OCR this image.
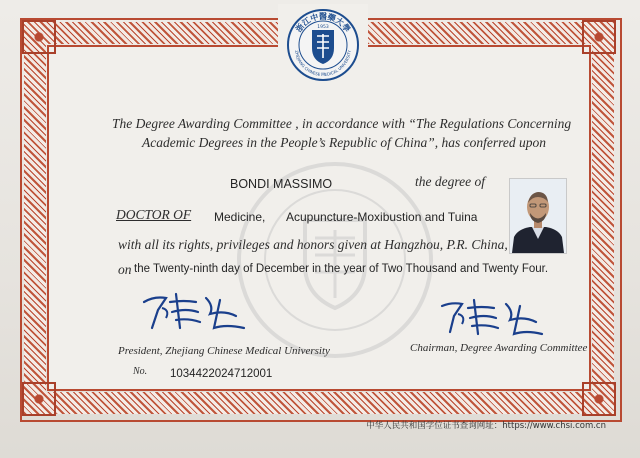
浙江中醫藥大學
1953
ZHEJIANG CHINESE MEDICAL UNIVERSITY
The Degree Awarding Committee , in accordance with “The Regulations Concerning
Academic Degrees in the People’s Republic of China”, has conferred upon
BONDI MASSIMO	the degree of
DOCTOR OF Medicine, Acupuncture-Moxibustion and Tuina
with all its rights, privileges and honors given at Hangzhou, P.R. China,
on the Twenty-ninth day of December in the year of Two Thousand and Twenty Four.
President, Zhejiang Chinese Medical University	Chairman, Degree Awarding Committee
No. 1034422024712001
中华人民共和国学位证书查询网址：https://www.chsi.com.cn
